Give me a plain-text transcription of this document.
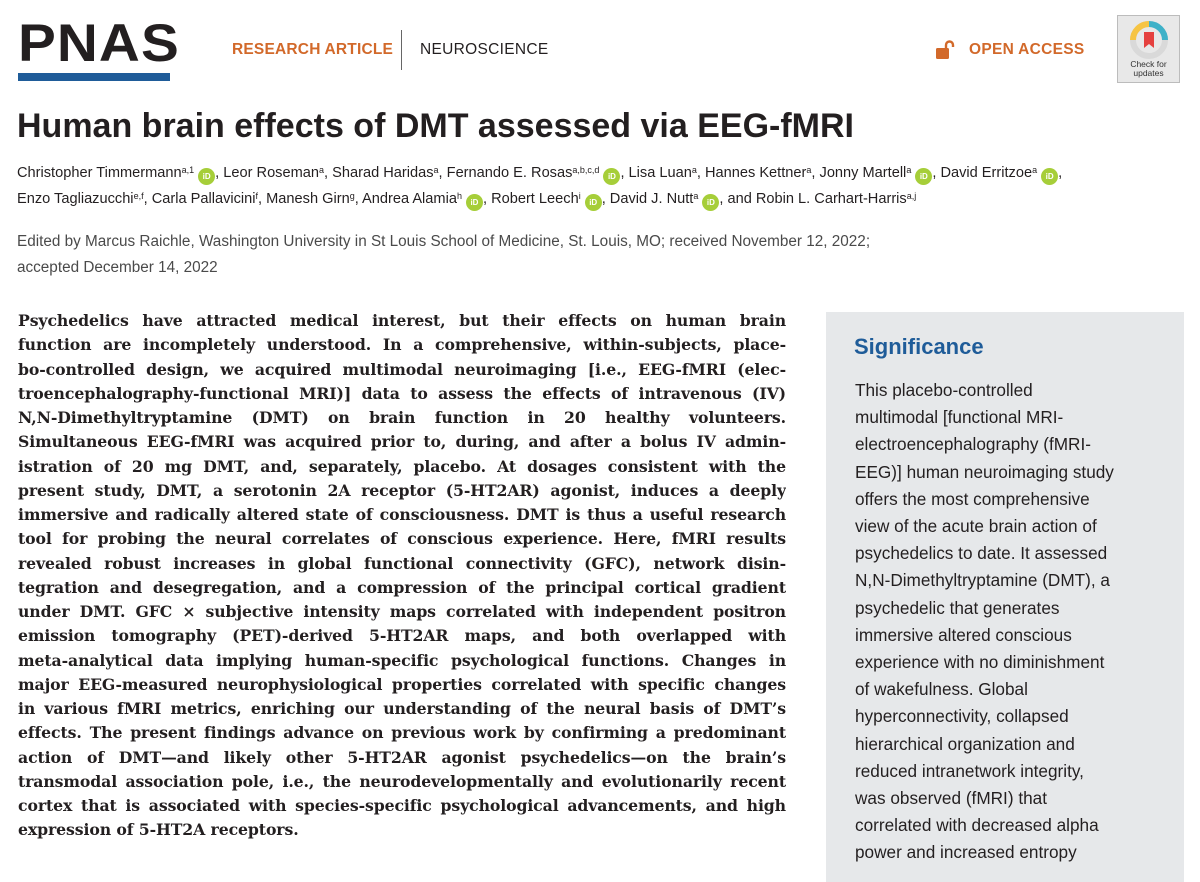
PNAS	RESEARCH ARTICLE NEUROSCIENCE	OPEN ACCESS
Check for
updates
Human brain effects of DMT assessed via EEG-fMRI
Christopher Timmermann$^{a,1}$iD , Leor Roseman$^a$, Sharad Haridas$^a$, Fernando E. Rosas$^{a,b,c,d}$iD , Lisa Luan$^a$, Hannes Kettner$^a$, Jonny Martell$^a$iD , David Erritzoe$^a$iD , Enzo Tagliazucchi$^{e,f}$, Carla Pallavicini$^f$, Manesh Girn$^g$, Andrea Alamia$^h$iD , Robert Leech$^i$iD , David J. Nutt$^a$iD , and Robin L. Carhart-Harris$^{a,j}$
Edited by Marcus Raichle, Washington University in St Louis School of Medicine, St. Louis, MO; received November 12, 2022;
accepted December 14, 2022
Psychedelics have attracted medical interest, but their effects on human brain
function are incompletely understood. In a comprehensive, within-subjects, place-
bo-controlled design, we acquired multimodal neuroimaging [i.e., EEG-fMRI (elec-
troencephalography-functional MRI)] data to assess the effects of intravenous (IV)
N,N-Dimethyltryptamine (DMT) on brain function in 20 healthy volunteers.
Simultaneous EEG-fMRI was acquired prior to, during, and after a bolus IV admin-
istration of 20 mg DMT, and, separately, placebo. At dosages consistent with the
present study, DMT, a serotonin 2A receptor (5-HT2AR) agonist, induces a deeply
immersive and radically altered state of consciousness. DMT is thus a useful research
tool for probing the neural correlates of conscious experience. Here, fMRI results
revealed robust increases in global functional connectivity (GFC), network disin-
tegration and desegregation, and a compression of the principal cortical gradient
under DMT. GFC × subjective intensity maps correlated with independent positron
emission tomography (PET)-derived 5-HT2AR maps, and both overlapped with
meta-analytical data implying human-specific psychological functions. Changes in
major EEG-measured neurophysiological properties correlated with specific changes
in various fMRI metrics, enriching our understanding of the neural basis of DMT’s
effects. The present findings advance on previous work by confirming a predominant
action of DMT—and likely other 5-HT2AR agonist psychedelics—on the brain’s
transmodal association pole, i.e., the neurodevelopmentally and evolutionarily recent
cortex that is associated with species-specific psychological advancements, and high
expression of 5-HT2A receptors.
Significance
This placebo-controlled
multimodal [functional MRI-
electroencephalography (fMRI-
EEG)] human neuroimaging study
offers the most comprehensive
view of the acute brain action of
psychedelics to date. It assessed
N,N-Dimethyltryptamine (DMT), a
psychedelic that generates
immersive altered conscious
experience with no diminishment
of wakefulness. Global
hyperconnectivity, collapsed
hierarchical organization and
reduced intranetwork integrity,
was observed (fMRI) that
correlated with decreased alpha
power and increased entropy
